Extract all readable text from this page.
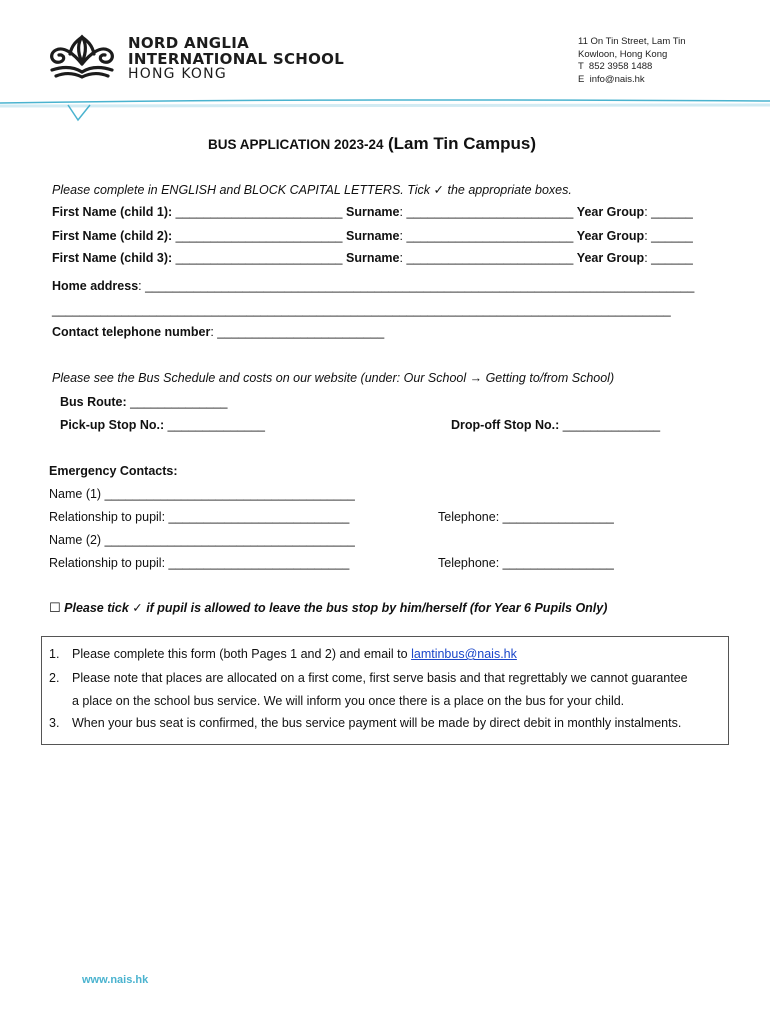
NORD ANGLIA
INTERNATIONAL SCHOOL
HONG KONG
11 On Tin Street, Lam Tin
Kowloon, Hong Kong
T  852 3958 1488
E  info@nais.hk
BUS APPLICATION 2023-24 (Lam Tin Campus)
Please complete in ENGLISH and BLOCK CAPITAL LETTERS. Tick ✓ the appropriate boxes.
First Name (child 1): ________________________ Surname: ________________________ Year Group: ______
First Name (child 2): ________________________ Surname: ________________________ Year Group: ______
First Name (child 3): ________________________ Surname: ________________________ Year Group: ______
Home address: _______________________________________________________________________________
_________________________________________________________________________________________
Contact telephone number: ________________________
Please see the Bus Schedule and costs on our website (under: Our School → Getting to/from School)
Bus Route: ______________
Pick-up Stop No.: ______________	Drop-off Stop No.: ______________
Emergency Contacts:
Name (1) ____________________________________
Relationship to pupil: __________________________	Telephone: ________________
Name (2) ____________________________________
Relationship to pupil: __________________________	Telephone: ________________
☐ Please tick ✓ if pupil is allowed to leave the bus stop by him/herself (for Year 6 Pupils Only)
1. Please complete this form (both Pages 1 and 2) and email to lamtinbus@nais.hk
2. Please note that places are allocated on a first come, first serve basis and that regrettably we cannot guarantee
a place on the school bus service. We will inform you once there is a place on the bus for your child.
3. When your bus seat is confirmed, the bus service payment will be made by direct debit in monthly instalments.
www.nais.hk
